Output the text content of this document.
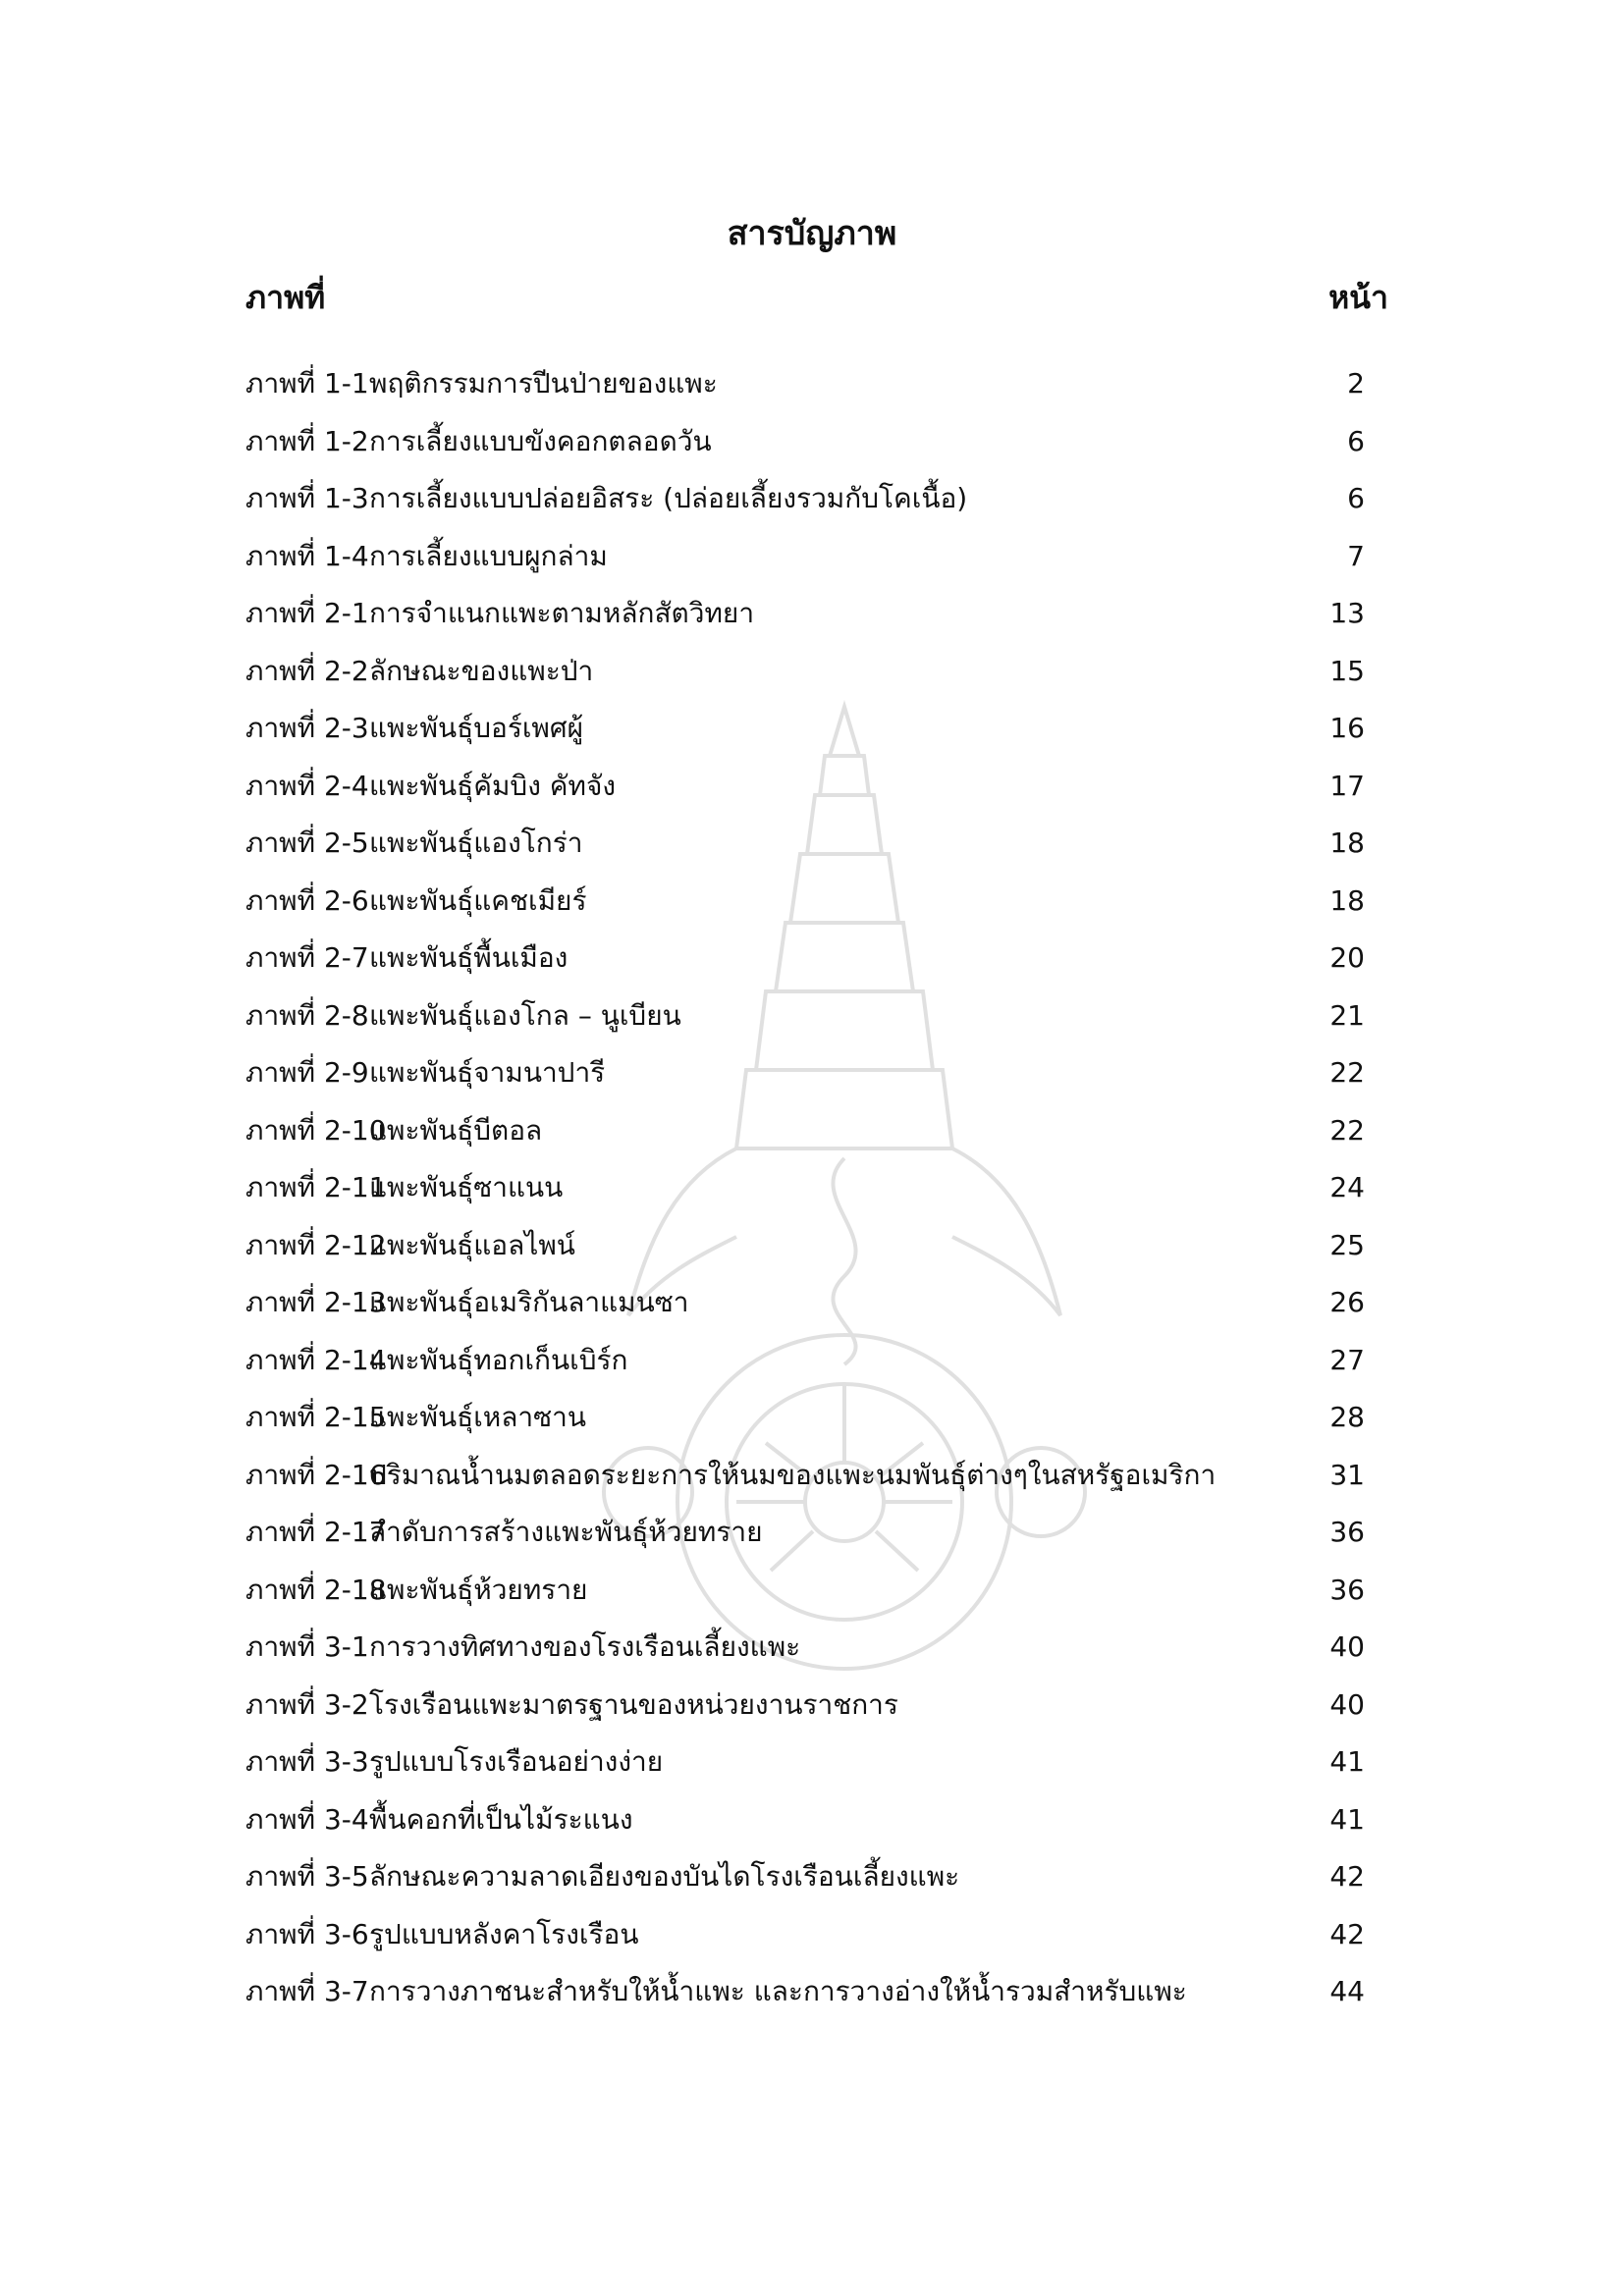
สารบัญภาพ
ภาพที่	หน้า
ภาพที่ 1-1พฤติกรรมการปีนป่ายของแพะ	2
ภาพที่ 1-2การเลี้ยงแบบขังคอกตลอดวัน	6
ภาพที่ 1-3การเลี้ยงแบบปล่อยอิสระ (ปล่อยเลี้ยงรวมกับโคเนื้อ)	6
ภาพที่ 1-4การเลี้ยงแบบผูกล่าม	7
ภาพที่ 2-1การจำแนกแพะตามหลักสัตวิทยา	13
ภาพที่ 2-2ลักษณะของแพะป่า	15
ภาพที่ 2-3แพะพันธุ์บอร์เพศผู้	16
ภาพที่ 2-4แพะพันธุ์คัมบิง คัทจัง	17
ภาพที่ 2-5แพะพันธุ์แองโกร่า	18
ภาพที่ 2-6แพะพันธุ์แคชเมียร์	18
ภาพที่ 2-7แพะพันธุ์พื้นเมือง	20
ภาพที่ 2-8แพะพันธุ์แองโกล – นูเบียน	21
ภาพที่ 2-9แพะพันธุ์จามนาปารี	22
ภาพที่ 2-10แพะพันธุ์บีตอล	22
ภาพที่ 2-11แพะพันธุ์ซาแนน	24
ภาพที่ 2-12แพะพันธุ์แอลไพน์	25
ภาพที่ 2-13แพะพันธุ์อเมริกันลาแมนซา	26
ภาพที่ 2-14แพะพันธุ์ทอกเก็นเบิร์ก	27
ภาพที่ 2-15แพะพันธุ์เหลาซาน	28
ภาพที่ 2-16ปริมาณน้ำนมตลอดระยะการให้นมของแพะนมพันธุ์ต่างๆในสหรัฐอเมริกา	31
ภาพที่ 2-17ลำดับการสร้างแพะพันธุ์ห้วยทราย	36
ภาพที่ 2-18แพะพันธุ์ห้วยทราย	36
ภาพที่ 3-1การวางทิศทางของโรงเรือนเลี้ยงแพะ	40
ภาพที่ 3-2โรงเรือนแพะมาตรฐานของหน่วยงานราชการ	40
ภาพที่ 3-3รูปแบบโรงเรือนอย่างง่าย	41
ภาพที่ 3-4พื้นคอกที่เป็นไม้ระแนง	41
ภาพที่ 3-5ลักษณะความลาดเอียงของบันไดโรงเรือนเลี้ยงแพะ	42
ภาพที่ 3-6รูปแบบหลังคาโรงเรือน	42
ภาพที่ 3-7การวางภาชนะสำหรับให้น้ำแพะ และการวางอ่างให้น้ำรวมสำหรับแพะ	44
